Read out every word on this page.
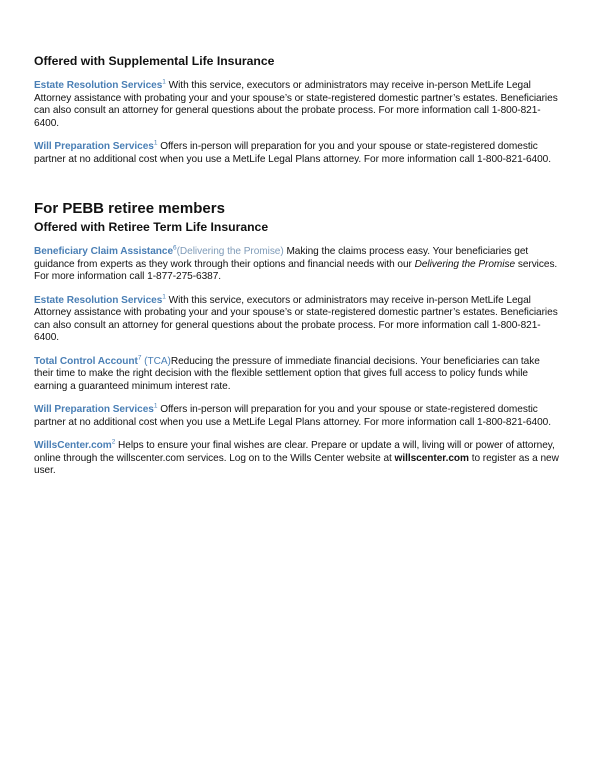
Offered with Supplemental Life Insurance

Estate Resolution Services$^1$ With this service, executors or administrators may receive in-person MetLife Legal Attorney assistance with probating your and your spouse’s or state-registered domestic partner’s estates. Beneficiaries can also consult an attorney for general questions about the probate process. For more information call 1-800-821-6400.

Will Preparation Services$^1$ Offers in-person will preparation for you and your spouse or state-registered domestic partner at no additional cost when you use a MetLife Legal Plans attorney. For more information call 1-800-821-6400.

For PEBB retiree members
Offered with Retiree Term Life Insurance

Beneficiary Claim Assistance$^6$(Delivering the Promise) Making the claims process easy. Your beneficiaries get guidance from experts as they work through their options and financial needs with our Delivering the Promise services. For more information call 1-877-275-6387.

Estate Resolution Services$^1$ With this service, executors or administrators may receive in-person MetLife Legal Attorney assistance with probating your and your spouse’s or state-registered domestic partner’s estates. Beneficiaries can also consult an attorney for general questions about the probate process. For more information call 1-800-821-6400.

Total Control Account$^7$ (TCA)Reducing the pressure of immediate financial decisions. Your beneficiaries can take their time to make the right decision with the flexible settlement option that gives full access to policy funds while earning a guaranteed minimum interest rate.

Will Preparation Services$^1$ Offers in-person will preparation for you and your spouse or state-registered domestic partner at no additional cost when you use a MetLife Legal Plans attorney. For more information call 1-800-821-6400.

WillsCenter.com$^2$ Helps to ensure your final wishes are clear. Prepare or update a will, living will or power of attorney, online through the willscenter.com services. Log on to the Wills Center website at willscenter.com to register as a new user.
